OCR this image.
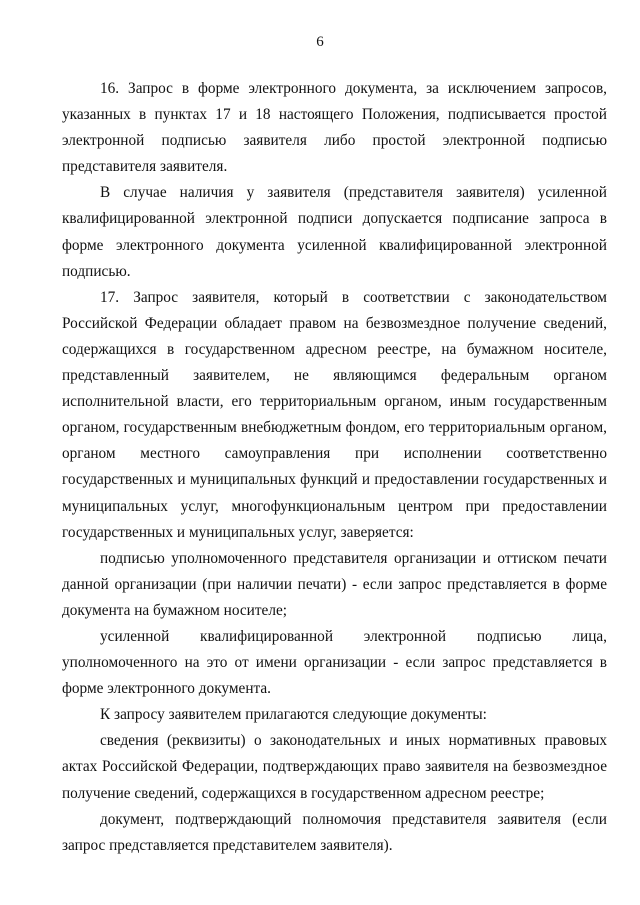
6

16. Запрос в форме электронного документа, за исключением запросов, указанных в пунктах 17 и 18 настоящего Положения, подписывается простой электронной подписью заявителя либо простой электронной подписью представителя заявителя.

В случае наличия у заявителя (представителя заявителя) усиленной квалифицированной электронной подписи допускается подписание запроса в форме электронного документа усиленной квалифицированной электронной подписью.

17. Запрос заявителя, который в соответствии с законодательством Российской Федерации обладает правом на безвозмездное получение сведений, содержащихся в государственном адресном реестре, на бумажном носителе, представленный заявителем, не являющимся федеральным органом исполнительной власти, его территориальным органом, иным государственным органом, государственным внебюджетным фондом, его территориальным органом, органом местного самоуправления при исполнении соответственно государственных и муниципальных функций и предоставлении государственных и муниципальных услуг, многофункциональным центром при предоставлении государственных и муниципальных услуг, заверяется:

подписью уполномоченного представителя организации и оттиском печати данной организации (при наличии печати) - если запрос представляется в форме документа на бумажном носителе;

усиленной квалифицированной электронной подписью лица, уполномоченного на это от имени организации - если запрос представляется в форме электронного документа.

К запросу заявителем прилагаются следующие документы:

сведения (реквизиты) о законодательных и иных нормативных правовых актах Российской Федерации, подтверждающих право заявителя на безвозмездное получение сведений, содержащихся в государственном адресном реестре;

документ, подтверждающий полномочия представителя заявителя (если запрос представляется представителем заявителя).
